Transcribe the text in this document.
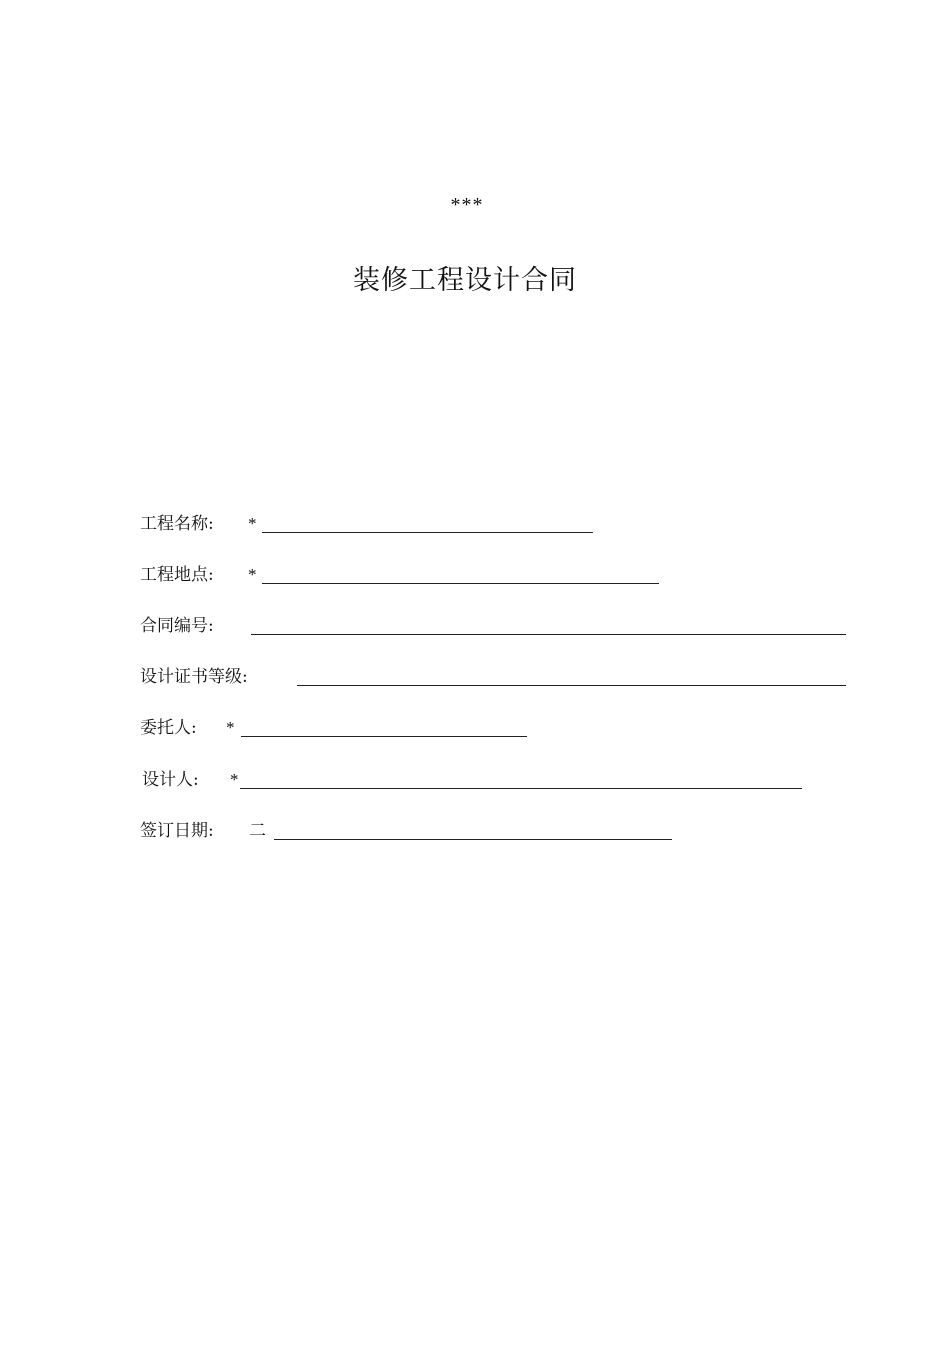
***
装修工程设计合同
工程名称: *
工程地点: *
合同编号:
设计证书等级:
委托人: *
设计人: *
签订日期: 二
